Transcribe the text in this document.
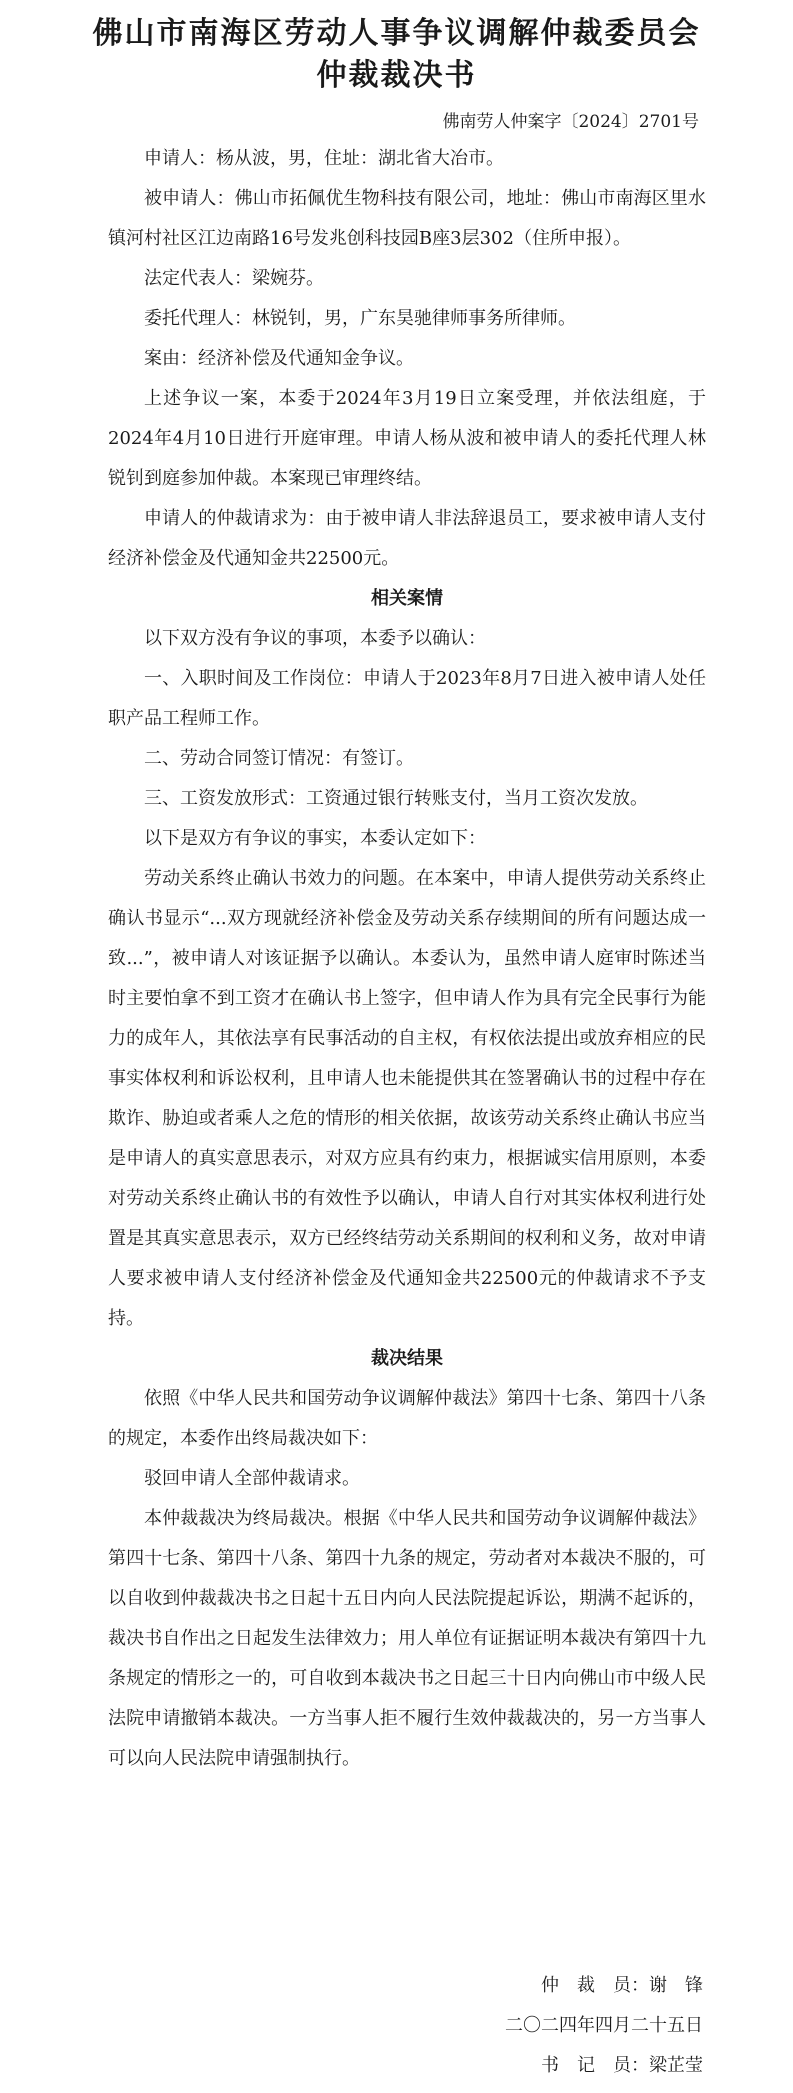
佛山市南海区劳动人事争议调解仲裁委员会
仲裁裁决书
佛南劳人仲案字〔2024〕2701号

申请人：杨从波，男，住址：湖北省大冶市。

被申请人：佛山市拓佩优生物科技有限公司，地址：佛山市南海区里水镇河村社区江边南路16号发兆创科技园B座3层302（住所申报）。

法定代表人：梁婉芬。

委托代理人：林锐钊，男，广东昊驰律师事务所律师。

案由：经济补偿及代通知金争议。

上述争议一案，本委于2024年3月19日立案受理，并依法组庭，于2024年4月10日进行开庭审理。申请人杨从波和被申请人的委托代理人林锐钊到庭参加仲裁。本案现已审理终结。

申请人的仲裁请求为：由于被申请人非法辞退员工，要求被申请人支付经济补偿金及代通知金共22500元。

相关案情

以下双方没有争议的事项，本委予以确认：

一、入职时间及工作岗位：申请人于2023年8月7日进入被申请人处任职产品工程师工作。

二、劳动合同签订情况：有签订。

三、工资发放形式：工资通过银行转账支付，当月工资次发放。

以下是双方有争议的事实，本委认定如下：

劳动关系终止确认书效力的问题。在本案中，申请人提供劳动关系终止确认书显示“...双方现就经济补偿金及劳动关系存续期间的所有问题达成一致...”，被申请人对该证据予以确认。本委认为，虽然申请人庭审时陈述当时主要怕拿不到工资才在确认书上签字，但申请人作为具有完全民事行为能力的成年人，其依法享有民事活动的自主权，有权依法提出或放弃相应的民事实体权利和诉讼权利，且申请人也未能提供其在签署确认书的过程中存在欺诈、胁迫或者乘人之危的情形的相关依据，故该劳动关系终止确认书应当是申请人的真实意思表示，对双方应具有约束力，根据诚实信用原则，本委对劳动关系终止确认书的有效性予以确认，申请人自行对其实体权利进行处置是其真实意思表示，双方已经终结劳动关系期间的权利和义务，故对申请人要求被申请人支付经济补偿金及代通知金共22500元的仲裁请求不予支持。

裁决结果

依照《中华人民共和国劳动争议调解仲裁法》第四十七条、第四十八条的规定，本委作出终局裁决如下：

驳回申请人全部仲裁请求。

本仲裁裁决为终局裁决。根据《中华人民共和国劳动争议调解仲裁法》第四十七条、第四十八条、第四十九条的规定，劳动者对本裁决不服的，可以自收到仲裁裁决书之日起十五日内向人民法院提起诉讼，期满不起诉的，裁决书自作出之日起发生法律效力；用人单位有证据证明本裁决有第四十九条规定的情形之一的，可自收到本裁决书之日起三十日内向佛山市中级人民法院申请撤销本裁决。一方当事人拒不履行生效仲裁裁决的，另一方当事人可以向人民法院申请强制执行。

仲　裁　员：谢　锋
二〇二四年四月二十五日
书　记　员：梁芷莹
